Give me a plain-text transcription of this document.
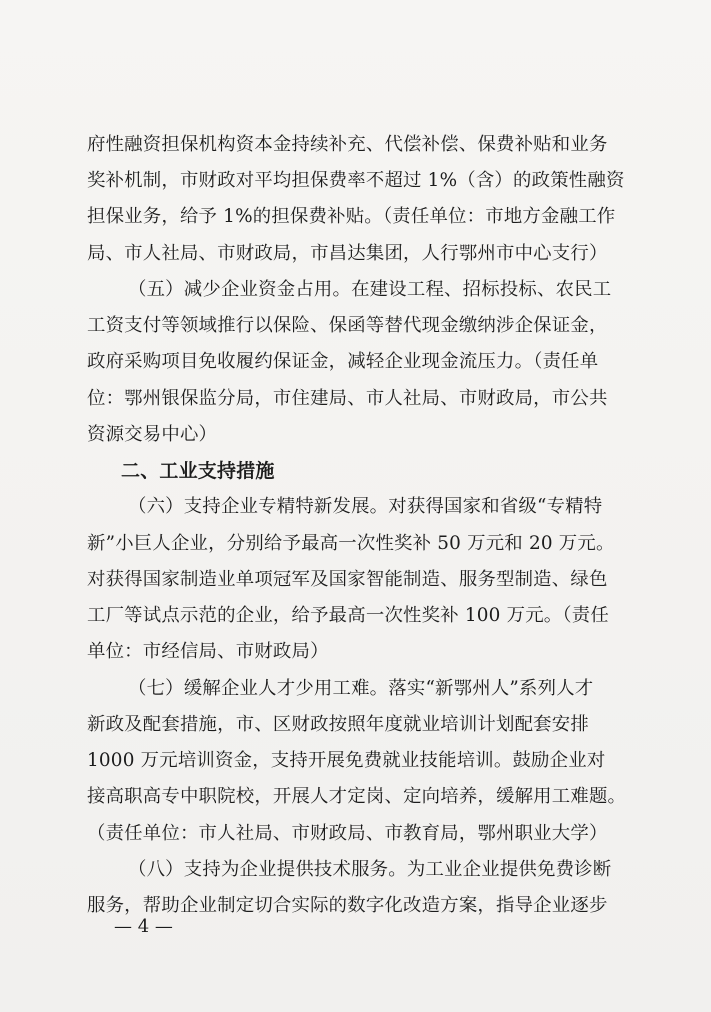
府性融资担保机构资本金持续补充、代偿补偿、保费补贴和业务
奖补机制，市财政对平均担保费率不超过 1%（含）的政策性融资
担保业务，给予 1%的担保费补贴。（责任单位：市地方金融工作
局、市人社局、市财政局，市昌达集团，人行鄂州市中心支行）
（五）减少企业资金占用。在建设工程、招标投标、农民工
工资支付等领域推行以保险、保函等替代现金缴纳涉企保证金，
政府采购项目免收履约保证金，减轻企业现金流压力。（责任单
位：鄂州银保监分局，市住建局、市人社局、市财政局，市公共
资源交易中心）
二、工业支持措施
（六）支持企业专精特新发展。对获得国家和省级“专精特
新”小巨人企业，分别给予最高一次性奖补 50 万元和 20 万元。
对获得国家制造业单项冠军及国家智能制造、服务型制造、绿色
工厂等试点示范的企业，给予最高一次性奖补 100 万元。（责任
单位：市经信局、市财政局）
（七）缓解企业人才少用工难。落实“新鄂州人”系列人才
新政及配套措施，市、区财政按照年度就业培训计划配套安排
1000 万元培训资金，支持开展免费就业技能培训。鼓励企业对
接高职高专中职院校，开展人才定岗、定向培养，缓解用工难题。
（责任单位：市人社局、市财政局、市教育局，鄂州职业大学）
（八）支持为企业提供技术服务。为工业企业提供免费诊断
服务，帮助企业制定切合实际的数字化改造方案，指导企业逐步
— 4 —
